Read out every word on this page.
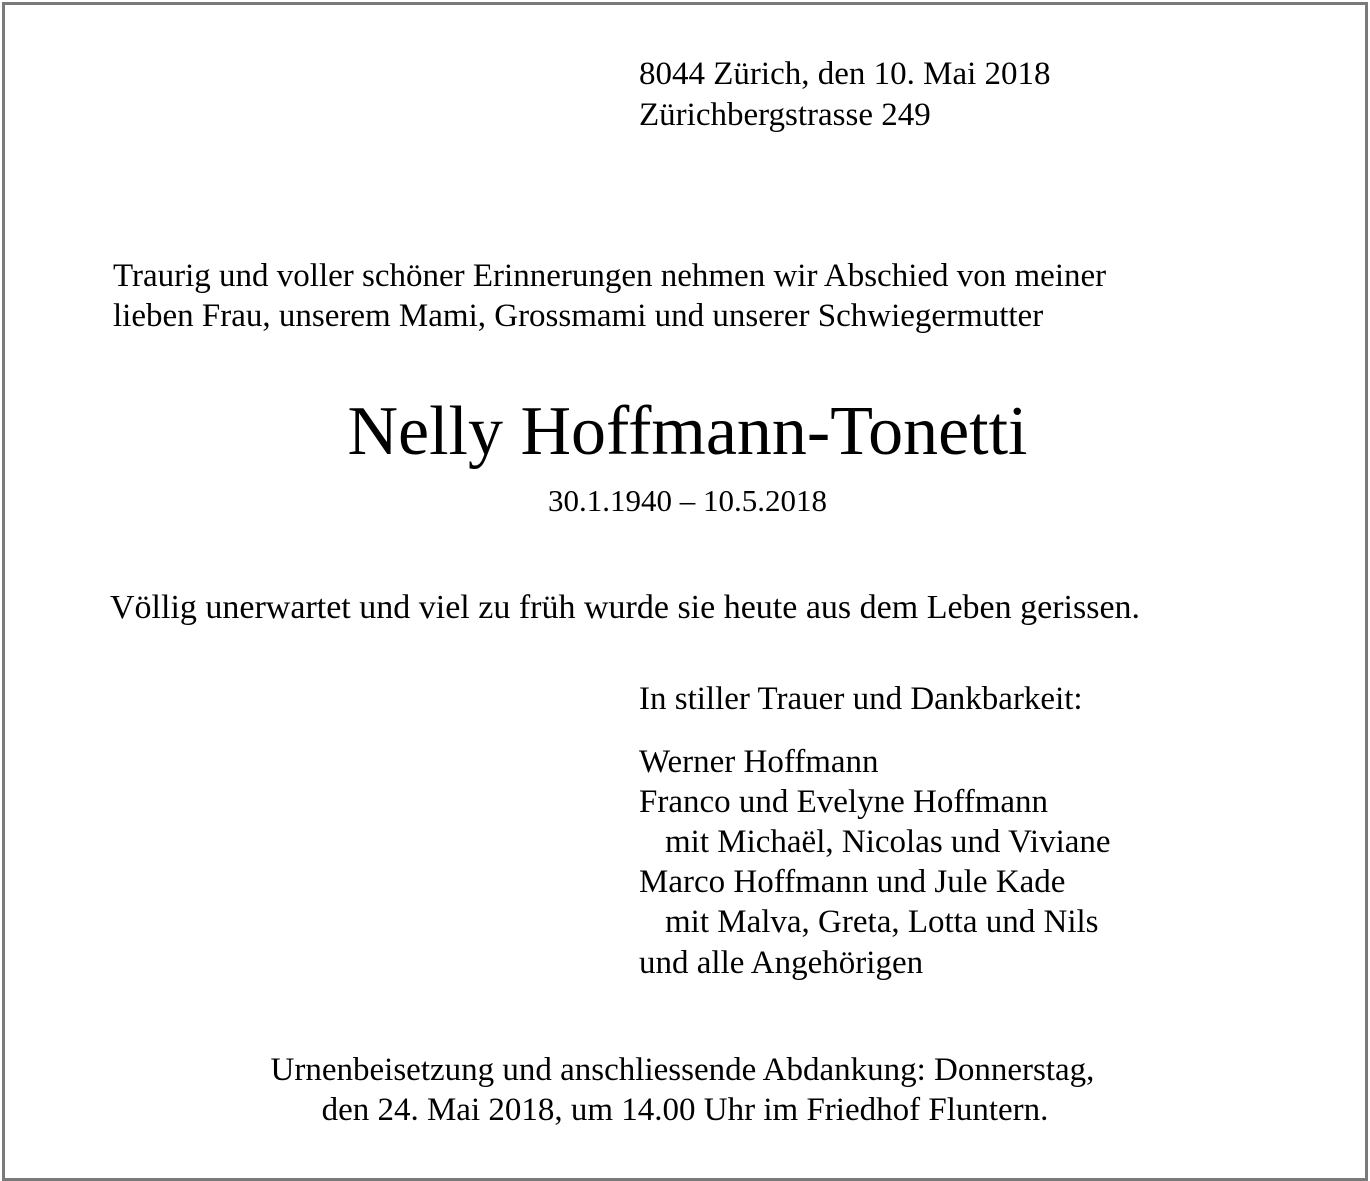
8044 Zürich, den 10. Mai 2018

Zürichbergstrasse 249

Traurig und voller schöner Erinnerungen nehmen wir Abschied von meiner

lieben Frau, unserem Mami, Grossmami und unserer Schwiegermutter

Nelly Hoffmann-Tonetti

30.1.1940 – 10.5.2018

Völlig unerwartet und viel zu früh wurde sie heute aus dem Leben gerissen.

In stiller Trauer und Dankbarkeit:

Werner Hoffmann

Franco und Evelyne Hoffmann

mit Michaël, Nicolas und Viviane

Marco Hoffmann und Jule Kade

mit Malva, Greta, Lotta und Nils

und alle Angehörigen

Urnenbeisetzung und anschliessende Abdankung: Donnerstag,

den 24. Mai 2018, um 14.00 Uhr im Friedhof Fluntern.
